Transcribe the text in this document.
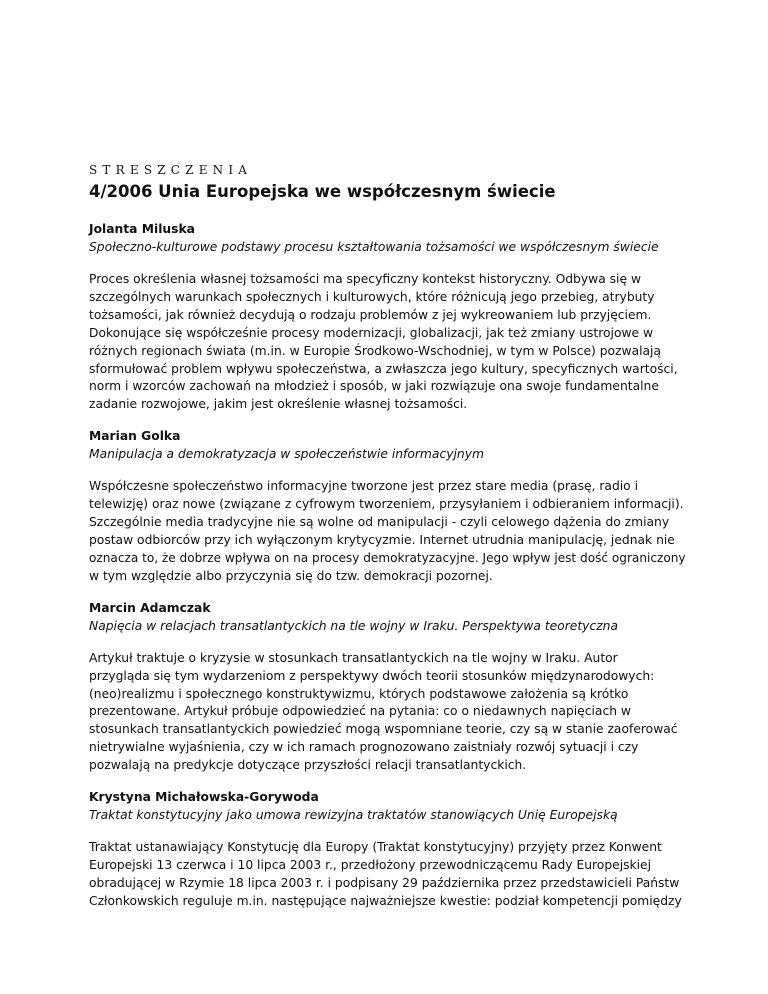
STRESZCZENIA

4/2006 Unia Europejska we współczesnym świecie

Jolanta Miluska

Społeczno-kulturowe podstawy procesu kształtowania tożsamości we współczesnym świecie

Proces określenia własnej tożsamości ma specyficzny kontekst historyczny. Odbywa się w
szczególnych warunkach społecznych i kulturowych, które różnicują jego przebieg, atrybuty
tożsamości, jak również decydują o rodzaju problemów z jej wykreowaniem lub przyjęciem.
Dokonujące się współcześnie procesy modernizacji, globalizacji, jak też zmiany ustrojowe w
różnych regionach świata (m.in. w Europie Środkowo-Wschodniej, w tym w Polsce) pozwalają
sformułować problem wpływu społeczeństwa, a zwłaszcza jego kultury, specyficznych wartości,
norm i wzorców zachowań na młodzież i sposób, w jaki rozwiązuje ona swoje fundamentalne
zadanie rozwojowe, jakim jest określenie własnej tożsamości.

Marian Golka

Manipulacja a demokratyzacja w społeczeństwie informacyjnym

Współczesne społeczeństwo informacyjne tworzone jest przez stare media (prasę, radio i
telewizję) oraz nowe (związane z cyfrowym tworzeniem, przysyłaniem i odbieraniem informacji).
Szczególnie media tradycyjne nie są wolne od manipulacji - czyli celowego dążenia do zmiany
postaw odbiorców przy ich wyłączonym krytycyzmie. Internet utrudnia manipulację, jednak nie
oznacza to, że dobrze wpływa on na procesy demokratyzacyjne. Jego wpływ jest dość ograniczony
w tym względzie albo przyczynia się do tzw. demokracji pozornej.

Marcin Adamczak

Napięcia w relacjach transatlantyckich na tle wojny w Iraku. Perspektywa teoretyczna

Artykuł traktuje o kryzysie w stosunkach transatlantyckich na tle wojny w Iraku. Autor
przygląda się tym wydarzeniom z perspektywy dwóch teorii stosunków międzynarodowych:
(neo)realizmu i społecznego konstruktywizmu, których podstawowe założenia są krótko
prezentowane. Artykuł próbuje odpowiedzieć na pytania: co o niedawnych napięciach w
stosunkach transatlantyckich powiedzieć mogą wspomniane teorie, czy są w stanie zaoferować
nietrywialne wyjaśnienia, czy w ich ramach prognozowano zaistniały rozwój sytuacji i czy
pozwalają na predykcje dotyczące przyszłości relacji transatlantyckich.

Krystyna Michałowska-Gorywoda

Traktat konstytucyjny jako umowa rewizyjna traktatów stanowiących Unię Europejską

Traktat ustanawiający Konstytucję dla Europy (Traktat konstytucyjny) przyjęty przez Konwent
Europejski 13 czerwca i 10 lipca 2003 r., przedłożony przewodniczącemu Rady Europejskiej
obradującej w Rzymie 18 lipca 2003 r. i podpisany 29 października przez przedstawicieli Państw
Członkowskich reguluje m.in. następujące najważniejsze kwestie: podział kompetencji pomiędzy
